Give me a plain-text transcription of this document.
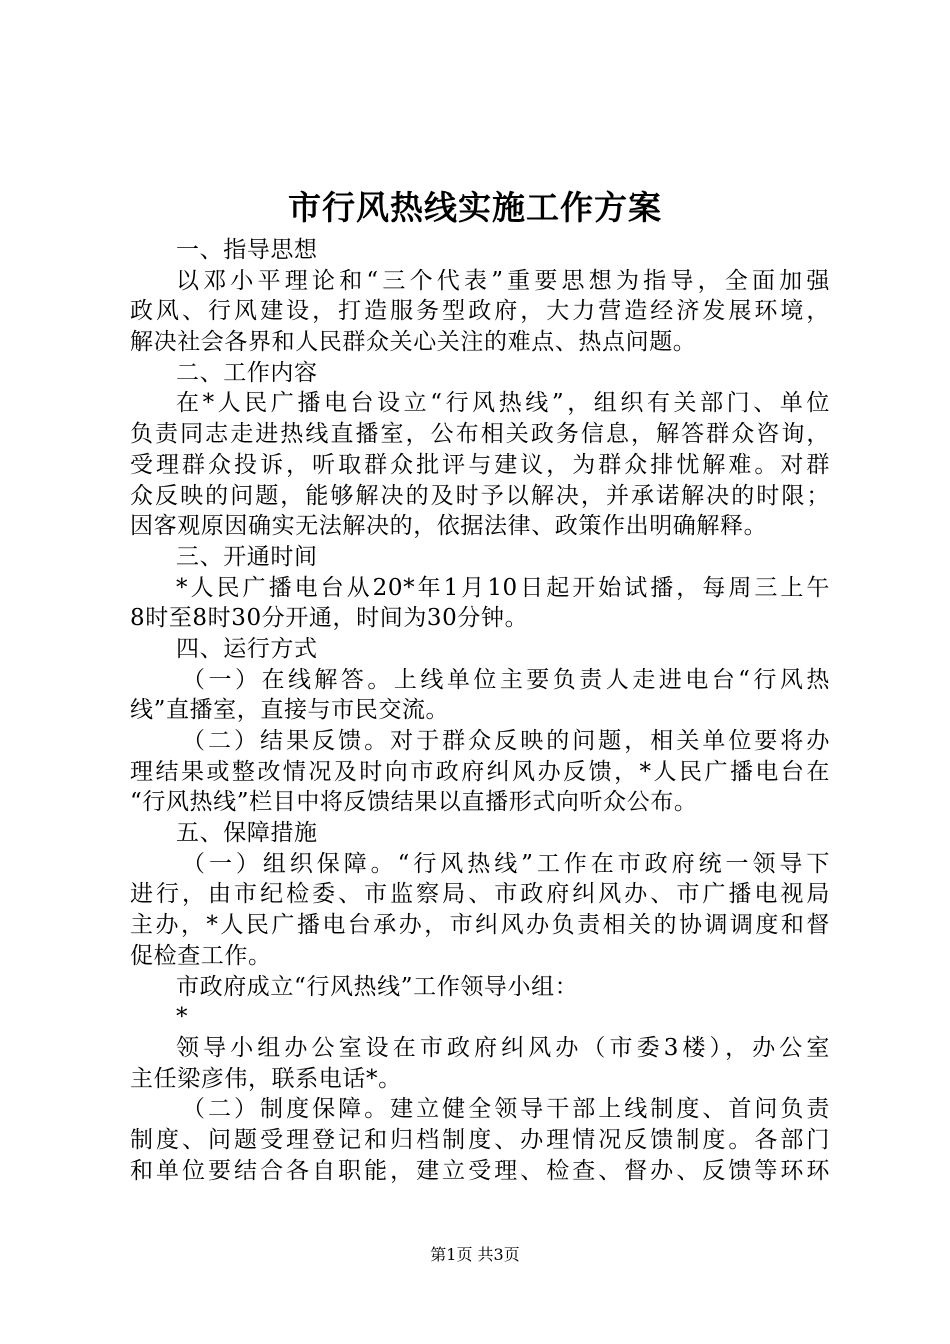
市行风热线实施工作方案
一、指导思想
以邓小平理论和“三个代表”重要思想为指导，全面加强
政风、行风建设，打造服务型政府，大力营造经济发展环境，
解决社会各界和人民群众关心关注的难点、热点问题。
二、工作内容
在*人民广播电台设立“行风热线”，组织有关部门、单位
负责同志走进热线直播室，公布相关政务信息，解答群众咨询，
受理群众投诉，听取群众批评与建议，为群众排忧解难。对群
众反映的问题，能够解决的及时予以解决，并承诺解决的时限；
因客观原因确实无法解决的，依据法律、政策作出明确解释。
三、开通时间
*人民广播电台从20*年1月10日起开始试播，每周三上午
8时至8时30分开通，时间为30分钟。
四、运行方式
（一）在线解答。上线单位主要负责人走进电台“行风热
线”直播室，直接与市民交流。
（二）结果反馈。对于群众反映的问题，相关单位要将办
理结果或整改情况及时向市政府纠风办反馈，*人民广播电台在
“行风热线”栏目中将反馈结果以直播形式向听众公布。
五、保障措施
（一）组织保障。“行风热线”工作在市政府统一领导下
进行，由市纪检委、市监察局、市政府纠风办、市广播电视局
主办，*人民广播电台承办，市纠风办负责相关的协调调度和督
促检查工作。
市政府成立“行风热线”工作领导小组：
*
领导小组办公室设在市政府纠风办（市委3楼），办公室
主任梁彦伟，联系电话*。
（二）制度保障。建立健全领导干部上线制度、首问负责
制度、问题受理登记和归档制度、办理情况反馈制度。各部门
和单位要结合各自职能，建立受理、检查、督办、反馈等环环
第1页 共3页
